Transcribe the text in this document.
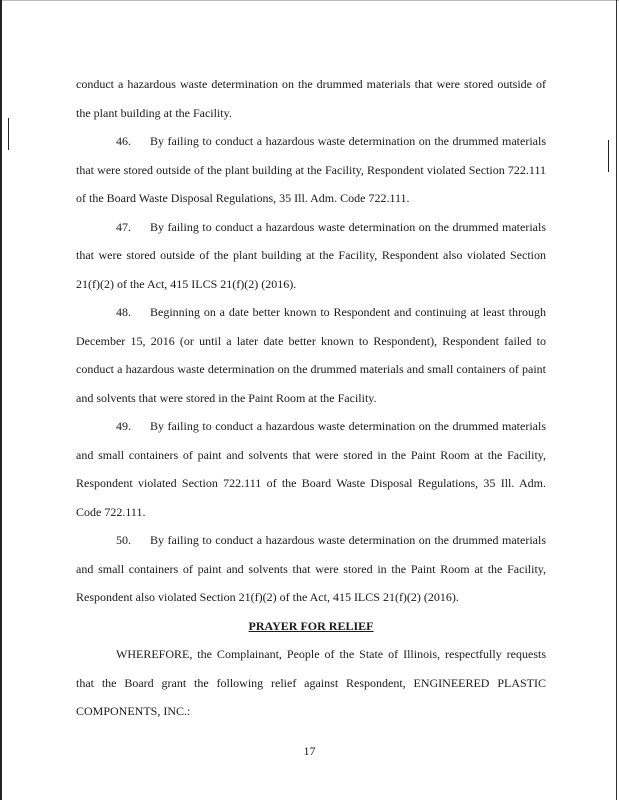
conduct a hazardous waste determination on the drummed materials that were stored outside of the plant building at the Facility.

46. By failing to conduct a hazardous waste determination on the drummed materials that were stored outside of the plant building at the Facility, Respondent violated Section 722.111 of the Board Waste Disposal Regulations, 35 Ill. Adm. Code 722.111.

47. By failing to conduct a hazardous waste determination on the drummed materials that were stored outside of the plant building at the Facility, Respondent also violated Section 21(f)(2) of the Act, 415 ILCS 21(f)(2) (2016).

48. Beginning on a date better known to Respondent and continuing at least through December 15, 2016 (or until a later date better known to Respondent), Respondent failed to conduct a hazardous waste determination on the drummed materials and small containers of paint and solvents that were stored in the Paint Room at the Facility.

49. By failing to conduct a hazardous waste determination on the drummed materials and small containers of paint and solvents that were stored in the Paint Room at the Facility, Respondent violated Section 722.111 of the Board Waste Disposal Regulations, 35 Ill. Adm. Code 722.111.

50. By failing to conduct a hazardous waste determination on the drummed materials and small containers of paint and solvents that were stored in the Paint Room at the Facility, Respondent also violated Section 21(f)(2) of the Act, 415 ILCS 21(f)(2) (2016).

PRAYER FOR RELIEF

WHEREFORE, the Complainant, People of the State of Illinois, respectfully requests that the Board grant the following relief against Respondent, ENGINEERED PLASTIC COMPONENTS, INC.:

17
